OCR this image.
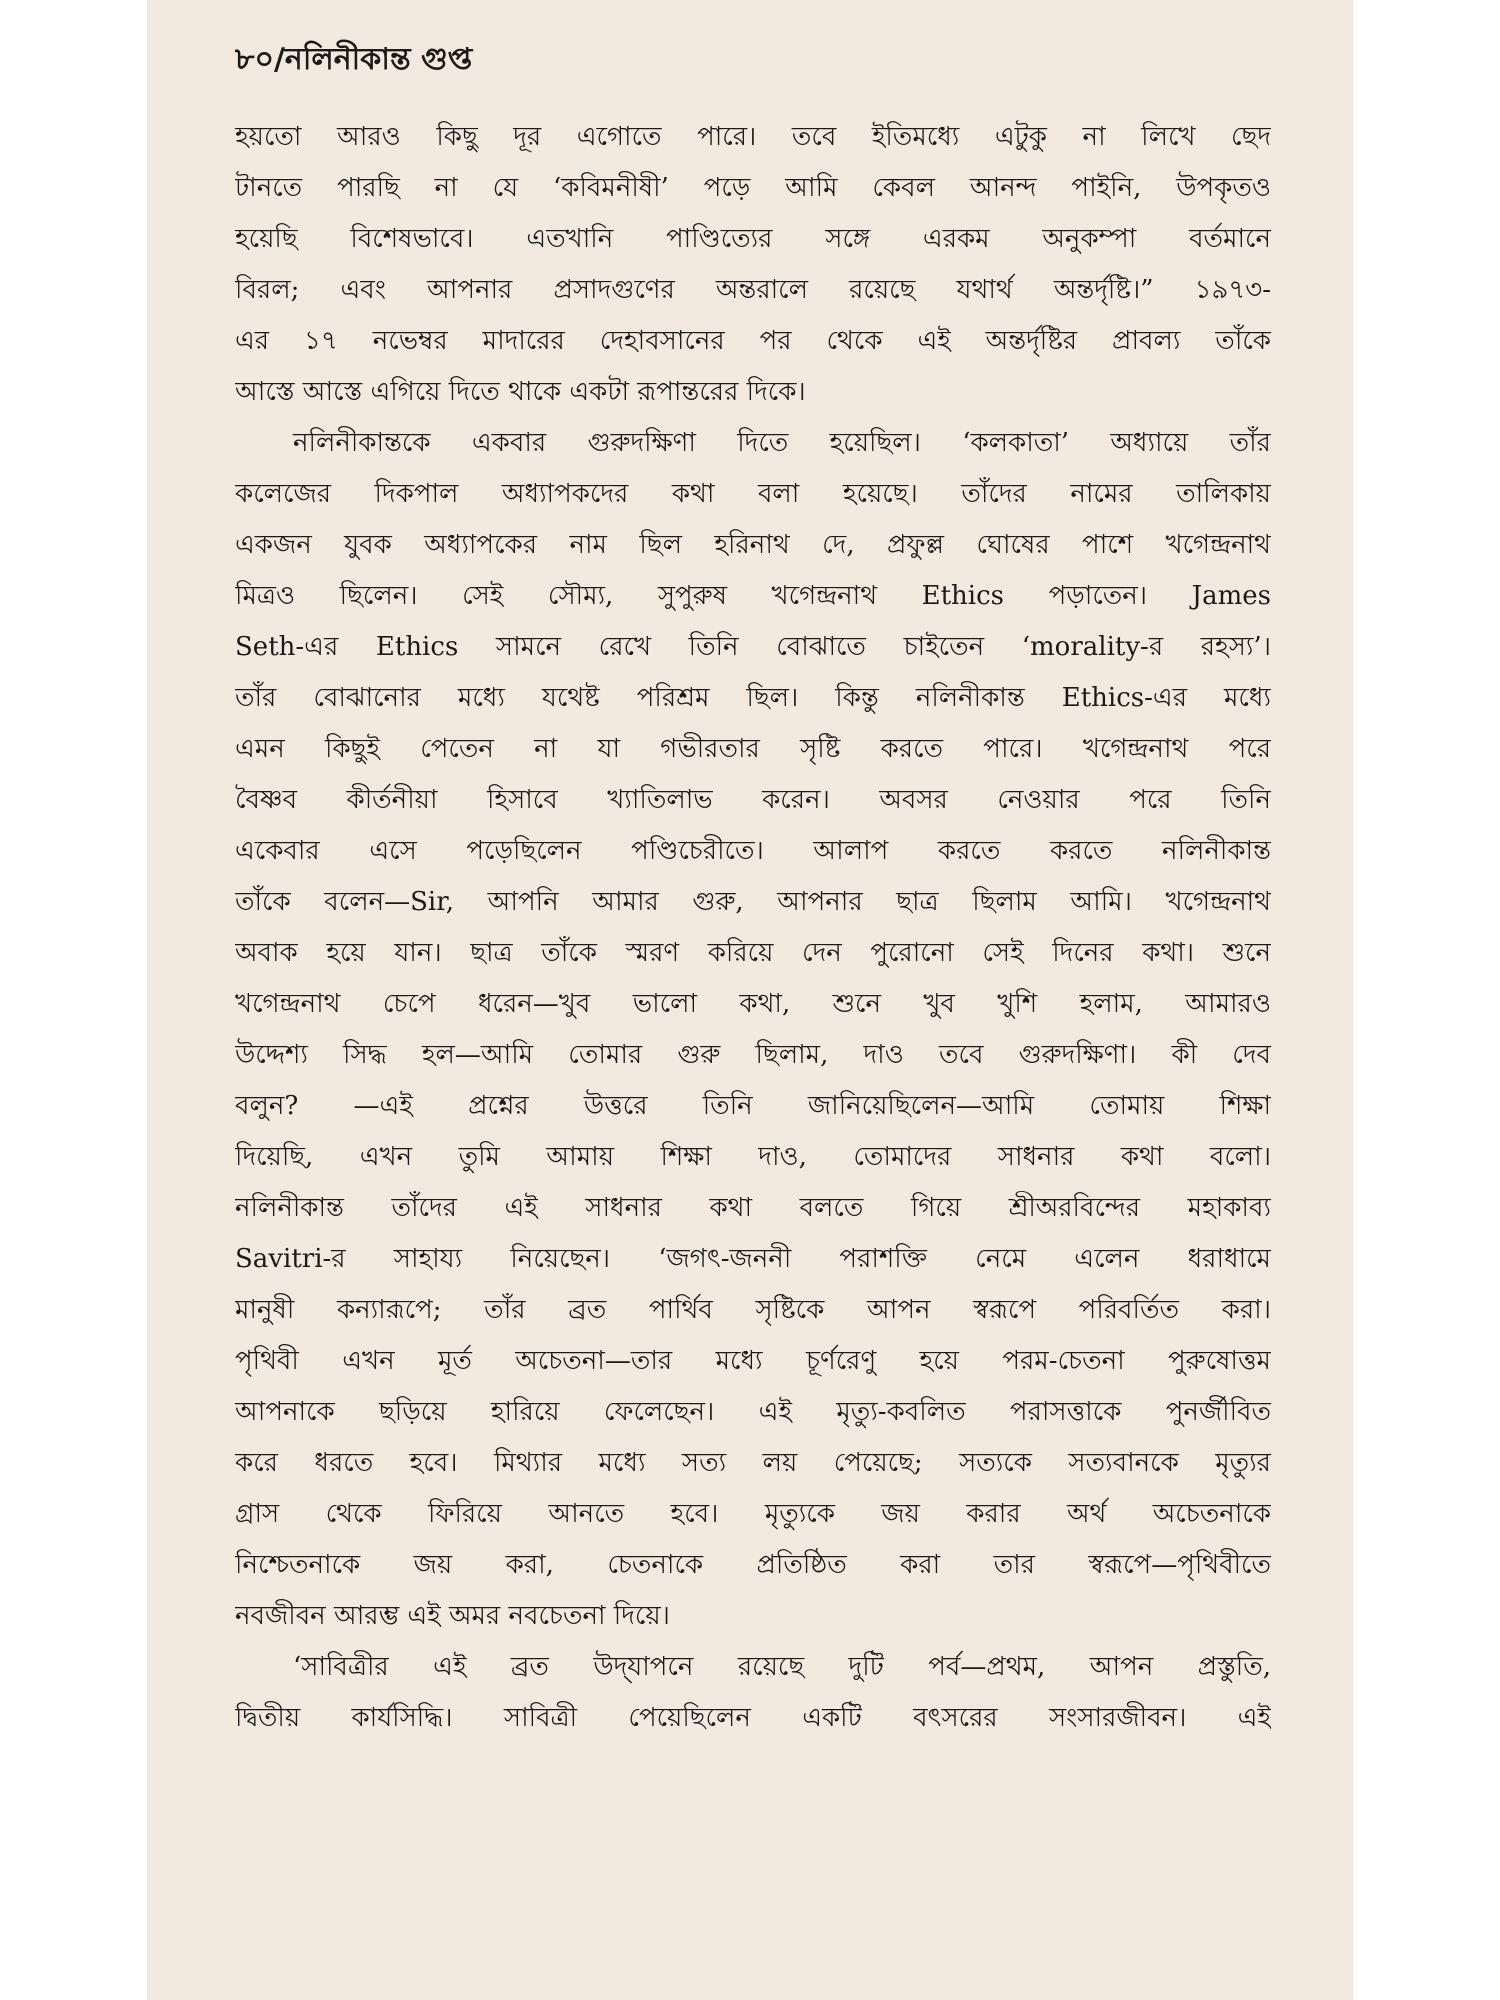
৮০/নলিনীকান্ত গুপ্ত
হয়তো আরও কিছু দূর এগোতে পারে। তবে ইতিমধ্যে এটুকু না লিখে ছেদ
টানতে পারছি না যে ‘কবিমনীষী’ পড়ে আমি কেবল আনন্দ পাইনি, উপকৃতও
হয়েছি বিশেষভাবে। এতখানি পাণ্ডিত্যের সঙ্গে এরকম অনুকম্পা বর্তমানে
বিরল; এবং আপনার প্রসাদগুণের অন্তরালে রয়েছে যথার্থ অন্তর্দৃষ্টি।” ১৯৭৩-
এর ১৭ নভেম্বর মাদারের দেহাবসানের পর থেকে এই অন্তর্দৃষ্টির প্রাবল্য তাঁকে
আস্তে আস্তে এগিয়ে দিতে থাকে একটা রূপান্তরের দিকে।
নলিনীকান্তকে একবার গুরুদক্ষিণা দিতে হয়েছিল। ‘কলকাতা’ অধ্যায়ে তাঁর
কলেজের দিকপাল অধ্যাপকদের কথা বলা হয়েছে। তাঁদের নামের তালিকায়
একজন যুবক অধ্যাপকের নাম ছিল হরিনাথ দে, প্রফুল্ল ঘোষের পাশে খগেন্দ্রনাথ
মিত্রও ছিলেন। সেই সৌম্য, সুপুরুষ খগেন্দ্রনাথ Ethics পড়াতেন। James
Seth-এর Ethics সামনে রেখে তিনি বোঝাতে চাইতেন ‘morality-র রহস্য’।
তাঁর বোঝানোর মধ্যে যথেষ্ট পরিশ্রম ছিল। কিন্তু নলিনীকান্ত Ethics-এর মধ্যে
এমন কিছুই পেতেন না যা গভীরতার সৃষ্টি করতে পারে। খগেন্দ্রনাথ পরে
বৈষ্ণব কীর্তনীয়া হিসাবে খ্যাতিলাভ করেন। অবসর নেওয়ার পরে তিনি
একেবার এসে পড়েছিলেন পণ্ডিচেরীতে। আলাপ করতে করতে নলিনীকান্ত
তাঁকে বলেন—Sir, আপনি আমার গুরু, আপনার ছাত্র ছিলাম আমি। খগেন্দ্রনাথ
অবাক হয়ে যান। ছাত্র তাঁকে স্মরণ করিয়ে দেন পুরোনো সেই দিনের কথা। শুনে
খগেন্দ্রনাথ চেপে ধরেন—খুব ভালো কথা, শুনে খুব খুশি হলাম, আমারও
উদ্দেশ্য সিদ্ধ হল—আমি তোমার গুরু ছিলাম, দাও তবে গুরুদক্ষিণা। কী দেব
বলুন? —এই প্রশ্নের উত্তরে তিনি জানিয়েছিলেন—আমি তোমায় শিক্ষা
দিয়েছি, এখন তুমি আমায় শিক্ষা দাও, তোমাদের সাধনার কথা বলো।
নলিনীকান্ত তাঁদের এই সাধনার কথা বলতে গিয়ে শ্রীঅরবিন্দের মহাকাব্য
Savitri-র সাহায্য নিয়েছেন। ‘জগৎ-জননী পরাশক্তি নেমে এলেন ধরাধামে
মানুষী কন্যারূপে; তাঁর ব্রত পার্থিব সৃষ্টিকে আপন স্বরূপে পরিবর্তিত করা।
পৃথিবী এখন মূর্ত অচেতনা—তার মধ্যে চূর্ণরেণু হয়ে পরম-চেতনা পুরুষোত্তম
আপনাকে ছড়িয়ে হারিয়ে ফেলেছেন। এই মৃত্যু-কবলিত পরাসত্তাকে পুনর্জীবিত
করে ধরতে হবে। মিথ্যার মধ্যে সত্য লয় পেয়েছে; সত্যকে সত্যবানকে মৃত্যুর
গ্রাস থেকে ফিরিয়ে আনতে হবে। মৃত্যুকে জয় করার অর্থ অচেতনাকে
নিশ্চেতনাকে জয় করা, চেতনাকে প্রতিষ্ঠিত করা তার স্বরূপে—পৃথিবীতে
নবজীবন আরম্ভ এই অমর নবচেতনা দিয়ে।
‘সাবিত্রীর এই ব্রত উদ্‌যাপনে রয়েছে দুটি পর্ব—প্রথম, আপন প্রস্তুতি,
দ্বিতীয় কার্যসিদ্ধি। সাবিত্রী পেয়েছিলেন একটি বৎসরের সংসারজীবন। এই
